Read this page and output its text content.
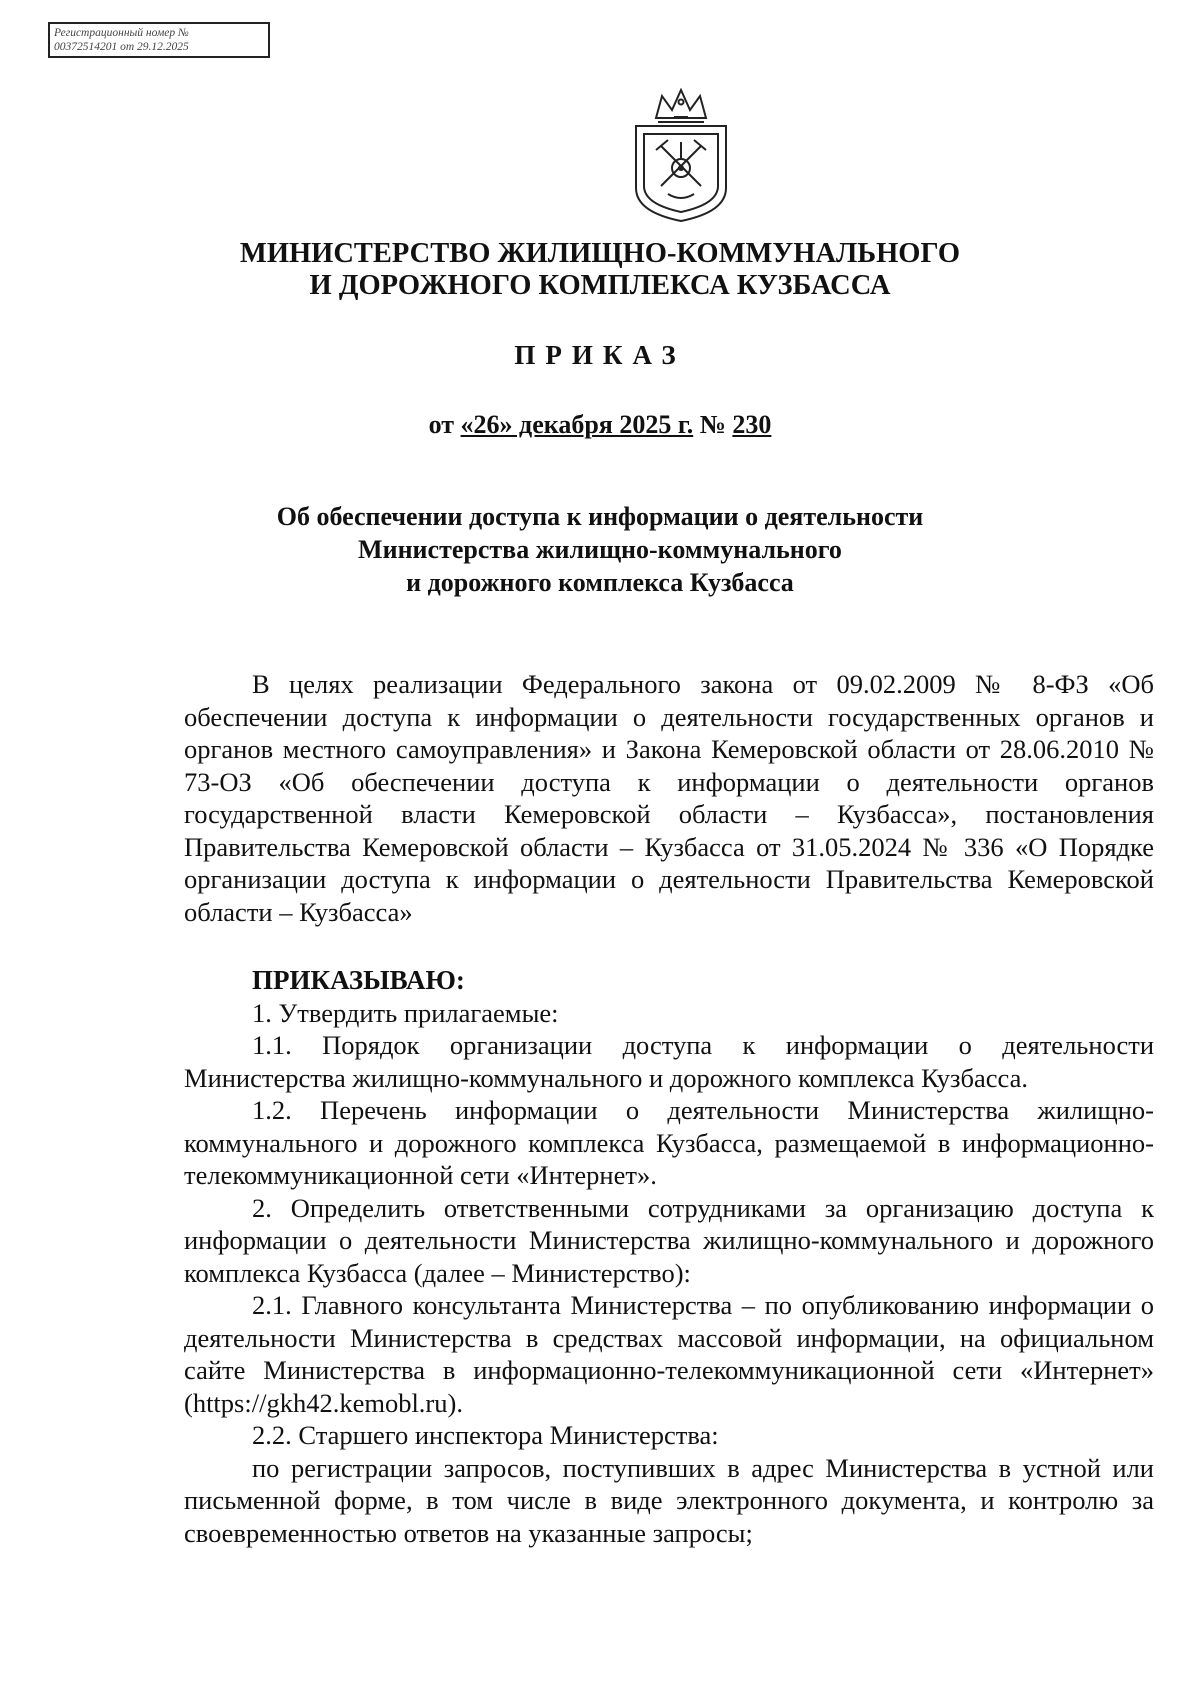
Регистрационный номер №
00372514201 от 29.12.2025
МИНИСТЕРСТВО ЖИЛИЩНО-КОММУНАЛЬНОГО
И ДОРОЖНОГО КОМПЛЕКСА КУЗБАССА
ПРИКАЗ
от «26» декабря 2025 г. № 230
Об обеспечении доступа к информации о деятельности
Министерства жилищно-коммунального
и дорожного комплекса Кузбасса

В целях реализации Федерального закона от 09.02.2009 № 8-ФЗ «Об обеспечении доступа к информации о деятельности государственных органов и органов местного самоуправления» и Закона Кемеровской области от 28.06.2010 № 73-ОЗ «Об обеспечении доступа к информации о деятельности органов государственной власти Кемеровской области – Кузбасса», постановления Правительства Кемеровской области – Кузбасса от 31.05.2024 № 336 «О Порядке организации доступа к информации о деятельности Правительства Кемеровской области – Кузбасса»

ПРИКАЗЫВАЮ:

1. Утвердить прилагаемые:

1.1. Порядок организации доступа к информации о деятельности Министерства жилищно-коммунального и дорожного комплекса Кузбасса.

1.2. Перечень информации о деятельности Министерства жилищно-коммунального и дорожного комплекса Кузбасса, размещаемой в информационно-телекоммуникационной сети «Интернет».

2. Определить ответственными сотрудниками за организацию доступа к информации о деятельности Министерства жилищно-коммунального и дорожного комплекса Кузбасса (далее – Министерство):

2.1. Главного консультанта Министерства – по опубликованию информации о деятельности Министерства в средствах массовой информации, на официальном сайте Министерства в информационно-телекоммуникационной сети «Интернет» (https://gkh42.kemobl.ru).

2.2. Старшего инспектора Министерства:

по регистрации запросов, поступивших в адрес Министерства в устной или письменной форме, в том числе в виде электронного документа, и контролю за своевременностью ответов на указанные запросы;
